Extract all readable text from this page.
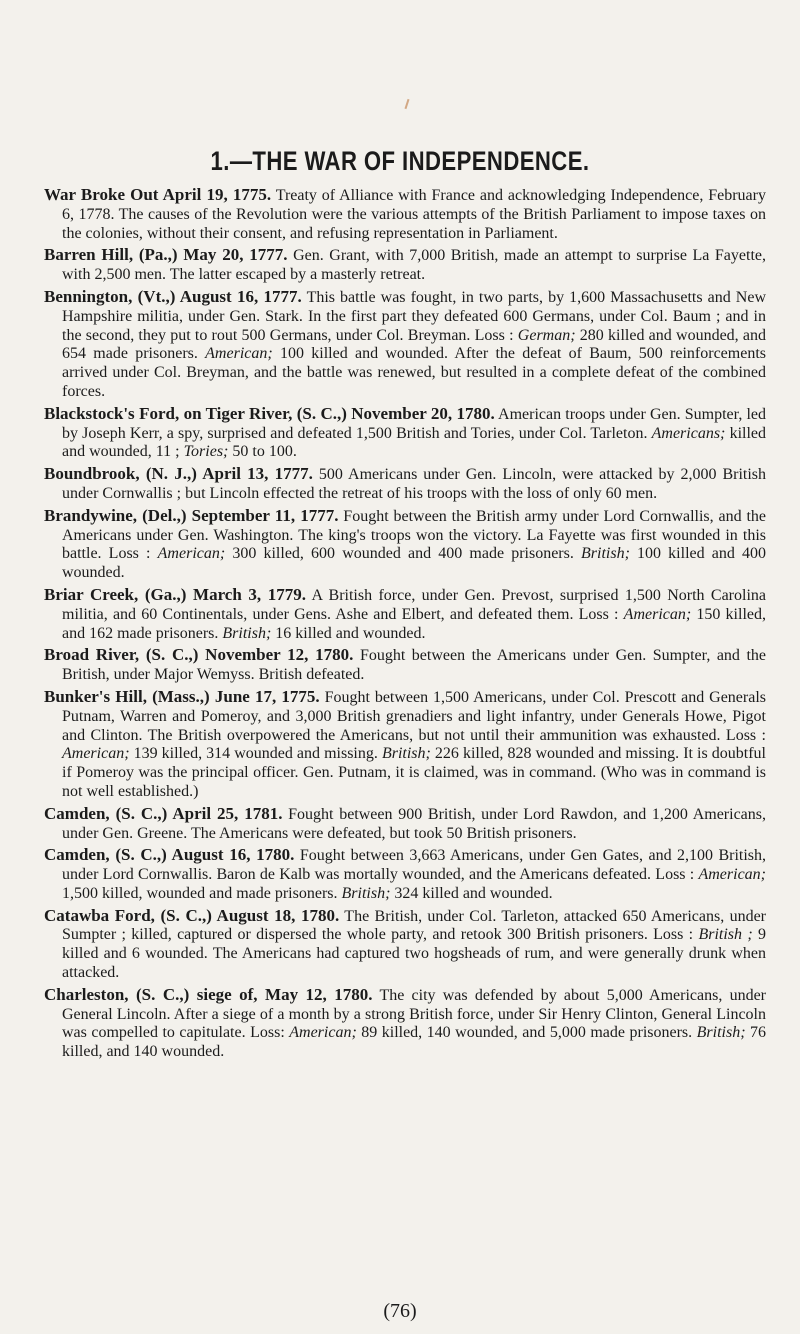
1.—THE WAR OF INDEPENDENCE.

War Broke Out April 19, 1775. Treaty of Alliance with France and acknowledging Independence, February 6, 1778. The causes of the Revolution were the various attempts of the British Parliament to impose taxes on the colonies, without their consent, and refusing representation in Parliament.

Barren Hill, (Pa.,) May 20, 1777. Gen. Grant, with 7,000 British, made an attempt to surprise La Fayette, with 2,500 men. The latter escaped by a masterly retreat.

Bennington, (Vt.,) August 16, 1777. This battle was fought, in two parts, by 1,600 Massachusetts and New Hampshire militia, under Gen. Stark. In the first part they defeated 600 Germans, under Col. Baum ; and in the second, they put to rout 500 Germans, under Col. Breyman. Loss : German; 280 killed and wounded, and 654 made prisoners. American; 100 killed and wounded. After the defeat of Baum, 500 reinforcements arrived under Col. Breyman, and the battle was renewed, but resulted in a complete defeat of the combined forces.

Blackstock's Ford, on Tiger River, (S. C.,) November 20, 1780. American troops under Gen. Sumpter, led by Joseph Kerr, a spy, surprised and defeated 1,500 British and Tories, under Col. Tarleton. Americans; killed and wounded, 11 ; Tories; 50 to 100.

Boundbrook, (N. J.,) April 13, 1777. 500 Americans under Gen. Lincoln, were attacked by 2,000 British under Cornwallis ; but Lincoln effected the retreat of his troops with the loss of only 60 men.

Brandywine, (Del.,) September 11, 1777. Fought between the British army under Lord Cornwallis, and the Americans under Gen. Washington. The king's troops won the victory. La Fayette was first wounded in this battle. Loss : American; 300 killed, 600 wounded and 400 made prisoners. British; 100 killed and 400 wounded.

Briar Creek, (Ga.,) March 3, 1779. A British force, under Gen. Prevost, surprised 1,500 North Carolina militia, and 60 Continentals, under Gens. Ashe and Elbert, and defeated them. Loss : American; 150 killed, and 162 made prisoners. British; 16 killed and wounded.

Broad River, (S. C.,) November 12, 1780. Fought between the Americans under Gen. Sumpter, and the British, under Major Wemyss. British defeated.

Bunker's Hill, (Mass.,) June 17, 1775. Fought between 1,500 Americans, under Col. Prescott and Generals Putnam, Warren and Pomeroy, and 3,000 British grenadiers and light infantry, under Generals Howe, Pigot and Clinton. The British overpowered the Americans, but not until their ammunition was exhausted. Loss : American; 139 killed, 314 wounded and missing. British; 226 killed, 828 wounded and missing. It is doubtful if Pomeroy was the principal officer. Gen. Putnam, it is claimed, was in command. (Who was in command is not well established.)

Camden, (S. C.,) April 25, 1781. Fought between 900 British, under Lord Rawdon, and 1,200 Americans, under Gen. Greene. The Americans were defeated, but took 50 British prisoners.

Camden, (S. C.,) August 16, 1780. Fought between 3,663 Americans, under Gen Gates, and 2,100 British, under Lord Cornwallis. Baron de Kalb was mortally wounded, and the Americans defeated. Loss : American; 1,500 killed, wounded and made prisoners. British; 324 killed and wounded.

Catawba Ford, (S. C.,) August 18, 1780. The British, under Col. Tarleton, attacked 650 Americans, under Sumpter ; killed, captured or dispersed the whole party, and retook 300 British prisoners. Loss : British ; 9 killed and 6 wounded. The Americans had captured two hogsheads of rum, and were generally drunk when attacked.

Charleston, (S. C.,) siege of, May 12, 1780. The city was defended by about 5,000 Americans, under General Lincoln. After a siege of a month by a strong British force, under Sir Henry Clinton, General Lincoln was compelled to capitulate. Loss: American; 89 killed, 140 wounded, and 5,000 made prisoners. British; 76 killed, and 140 wounded.

(76)
